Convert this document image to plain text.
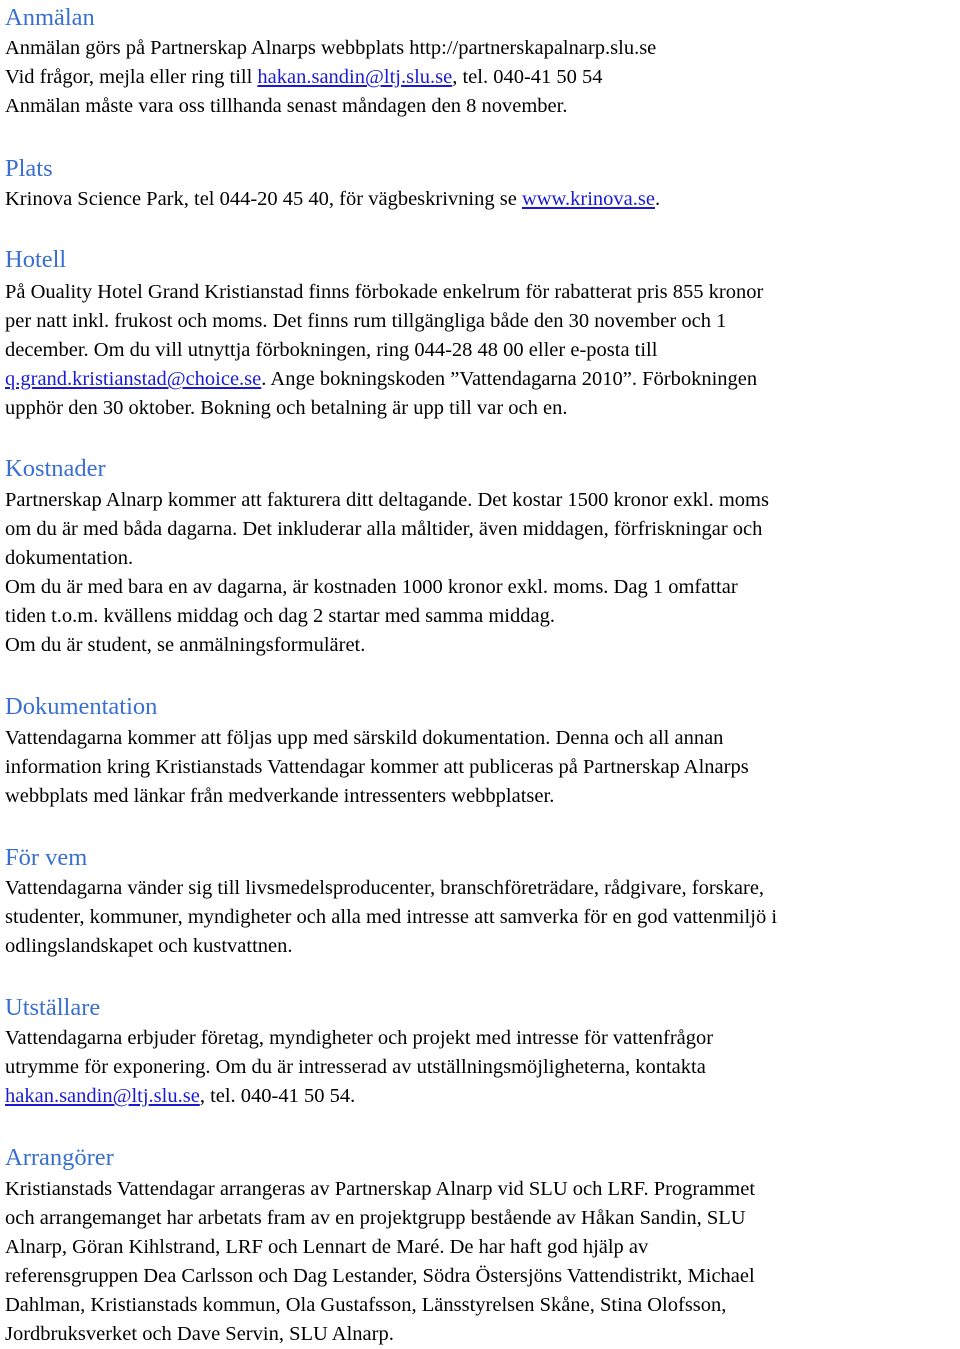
Anmälan

Anmälan görs på Partnerskap Alnarps webbplats http://partnerskapalnarp.slu.se

Vid frågor, mejla eller ring till hakan.sandin@ltj.slu.se, tel. 040-41 50 54

Anmälan måste vara oss tillhanda senast måndagen den 8 november.

Plats

Krinova Science Park, tel 044-20 45 40, för vägbeskrivning se www.krinova.se.

Hotell

På Ouality Hotel Grand Kristianstad finns förbokade enkelrum för rabatterat pris 855 kronor

per natt inkl. frukost och moms. Det finns rum tillgängliga både den 30 november och 1

december. Om du vill utnyttja förbokningen, ring 044-28 48 00 eller e-posta till

q.grand.kristianstad@choice.se. Ange bokningskoden ”Vattendagarna 2010”. Förbokningen

upphör den 30 oktober. Bokning och betalning är upp till var och en.

Kostnader

Partnerskap Alnarp kommer att fakturera ditt deltagande. Det kostar 1500 kronor exkl. moms

om du är med båda dagarna. Det inkluderar alla måltider, även middagen, förfriskningar och

dokumentation.

Om du är med bara en av dagarna, är kostnaden 1000 kronor exkl. moms. Dag 1 omfattar

tiden t.o.m. kvällens middag och dag 2 startar med samma middag.

Om du är student, se anmälningsformuläret.

Dokumentation

Vattendagarna kommer att följas upp med särskild dokumentation. Denna och all annan

information kring Kristianstads Vattendagar kommer att publiceras på Partnerskap Alnarps

webbplats med länkar från medverkande intressenters webbplatser.

För vem

Vattendagarna vänder sig till livsmedelsproducenter, branschföreträdare, rådgivare, forskare,

studenter, kommuner, myndigheter och alla med intresse att samverka för en god vattenmiljö i

odlingslandskapet och kustvattnen.

Utställare

Vattendagarna erbjuder företag, myndigheter och projekt med intresse för vattenfrågor

utrymme för exponering. Om du är intresserad av utställningsmöjligheterna, kontakta

hakan.sandin@ltj.slu.se, tel. 040-41 50 54.

Arrangörer

Kristianstads Vattendagar arrangeras av Partnerskap Alnarp vid SLU och LRF. Programmet

och arrangemanget har arbetats fram av en projektgrupp bestående av Håkan Sandin, SLU

Alnarp, Göran Kihlstrand, LRF och Lennart de Maré. De har haft god hjälp av

referensgruppen Dea Carlsson och Dag Lestander, Södra Östersjöns Vattendistrikt, Michael

Dahlman, Kristianstads kommun, Ola Gustafsson, Länsstyrelsen Skåne, Stina Olofsson,

Jordbruksverket och Dave Servin, SLU Alnarp.
